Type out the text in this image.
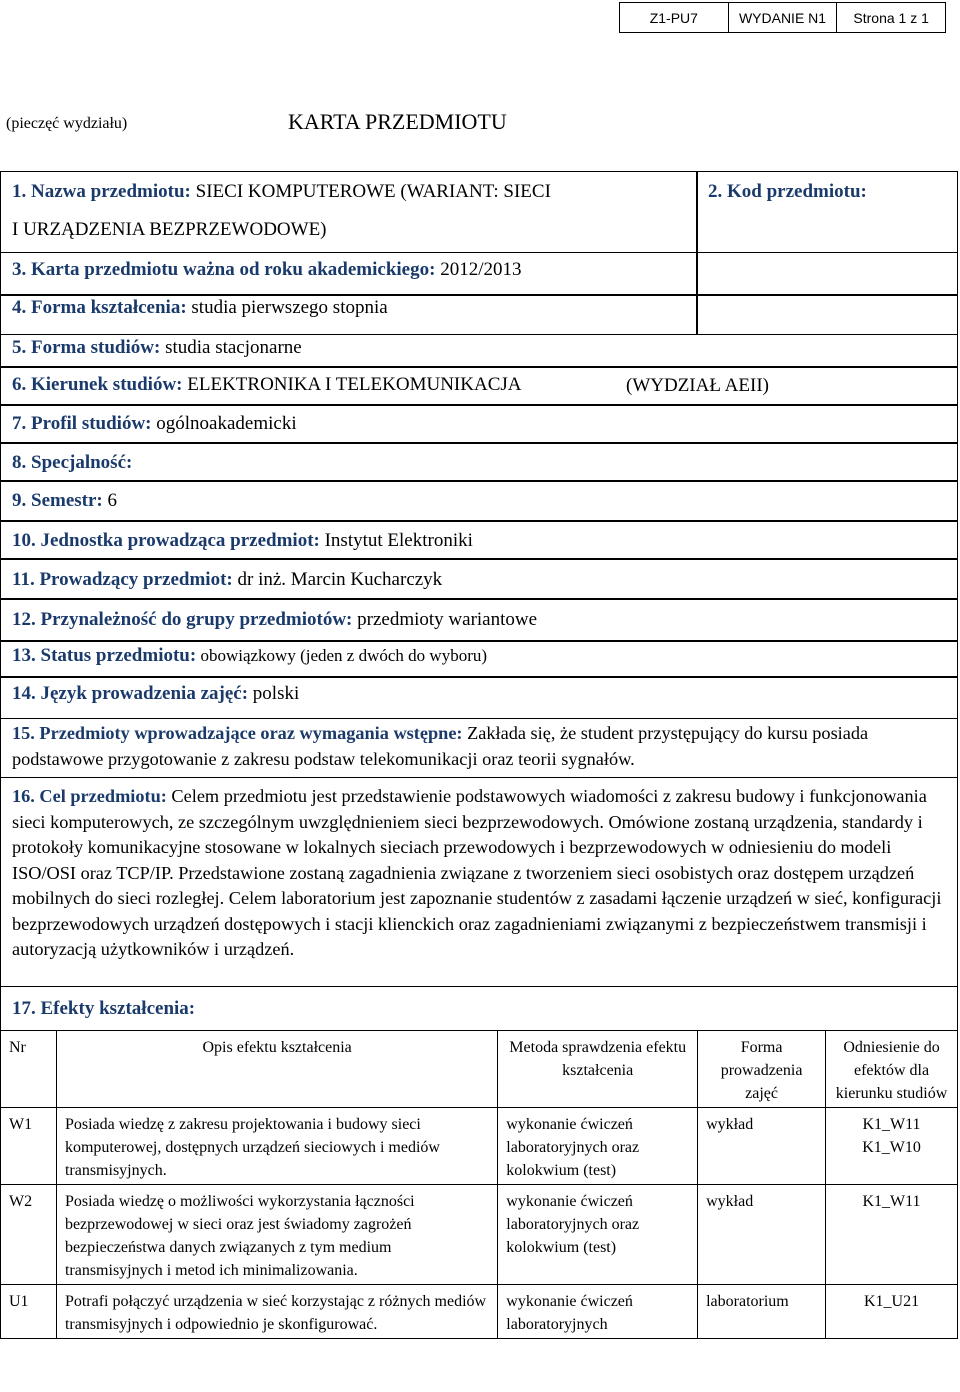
Z1-PU7	WYDANIE N1	Strona 1 z 1
(pieczęć wydziału)	KARTA PRZEDMIOTU
1. Nazwa przedmiotu: SIECI KOMPUTEROWE (WARIANT: SIECI
I URZĄDZENIA BEZPRZEWODOWE)
2. Kod przedmiotu:
3. Karta przedmiotu ważna od roku akademickiego: 2012/2013
4. Forma kształcenia: studia pierwszego stopnia
5. Forma studiów: studia stacjonarne
6. Kierunek studiów: ELEKTRONIKA I TELEKOMUNIKACJA	(WYDZIAŁ AEII)
7. Profil studiów: ogólnoakademicki
8. Specjalność:
9. Semestr: 6
10. Jednostka prowadząca przedmiot: Instytut Elektroniki
11. Prowadzący przedmiot: dr inż. Marcin Kucharczyk
12. Przynależność do grupy przedmiotów: przedmioty wariantowe
13. Status przedmiotu: obowiązkowy (jeden z dwóch do wyboru)
14. Język prowadzenia zajęć: polski
15. Przedmioty wprowadzające oraz wymagania wstępne: Zakłada się, że student przystępujący do kursu posiada podstawowe przygotowanie z zakresu podstaw telekomunikacji oraz teorii sygnałów.
16. Cel przedmiotu: Celem przedmiotu jest przedstawienie podstawowych wiadomości z zakresu budowy i funkcjonowania sieci komputerowych, ze szczególnym uwzględnieniem sieci bezprzewodowych. Omówione zostaną urządzenia, standardy i protokoły komunikacyjne stosowane w lokalnych sieciach przewodowych i bezprzewodowych w odniesieniu do modeli ISO/OSI oraz TCP/IP. Przedstawione zostaną zagadnienia związane z tworzeniem sieci osobistych oraz dostępem urządzeń mobilnych do sieci rozległej. Celem laboratorium jest zapoznanie studentów z zasadami łączenie urządzeń w sieć, konfiguracji bezprzewodowych urządzeń dostępowych i stacji klienckich oraz zagadnieniami związanymi z bezpieczeństwem transmisji i autoryzacją użytkowników i urządzeń.
17. Efekty kształcenia:
Nr	Opis efektu kształcenia	Metoda sprawdzenia efektu kształcenia	Forma prowadzenia zajęć	Odniesienie do efektów dla kierunku studiów
W1	Posiada wiedzę z zakresu projektowania i budowy sieci komputerowej, dostępnych urządzeń sieciowych i mediów transmisyjnych.	wykonanie ćwiczeń laboratoryjnych oraz kolokwium (test)	wykład	K1_W11 K1_W10
W2	Posiada wiedzę o możliwości wykorzystania łączności bezprzewodowej w sieci oraz jest świadomy zagrożeń bezpieczeństwa danych związanych z tym medium transmisyjnych i metod ich minimalizowania.	wykonanie ćwiczeń laboratoryjnych oraz kolokwium (test)	wykład	K1_W11
U1	Potrafi połączyć urządzenia w sieć korzystając z różnych mediów transmisyjnych i odpowiednio je skonfigurować.	wykonanie ćwiczeń laboratoryjnych	laboratorium	K1_U21
